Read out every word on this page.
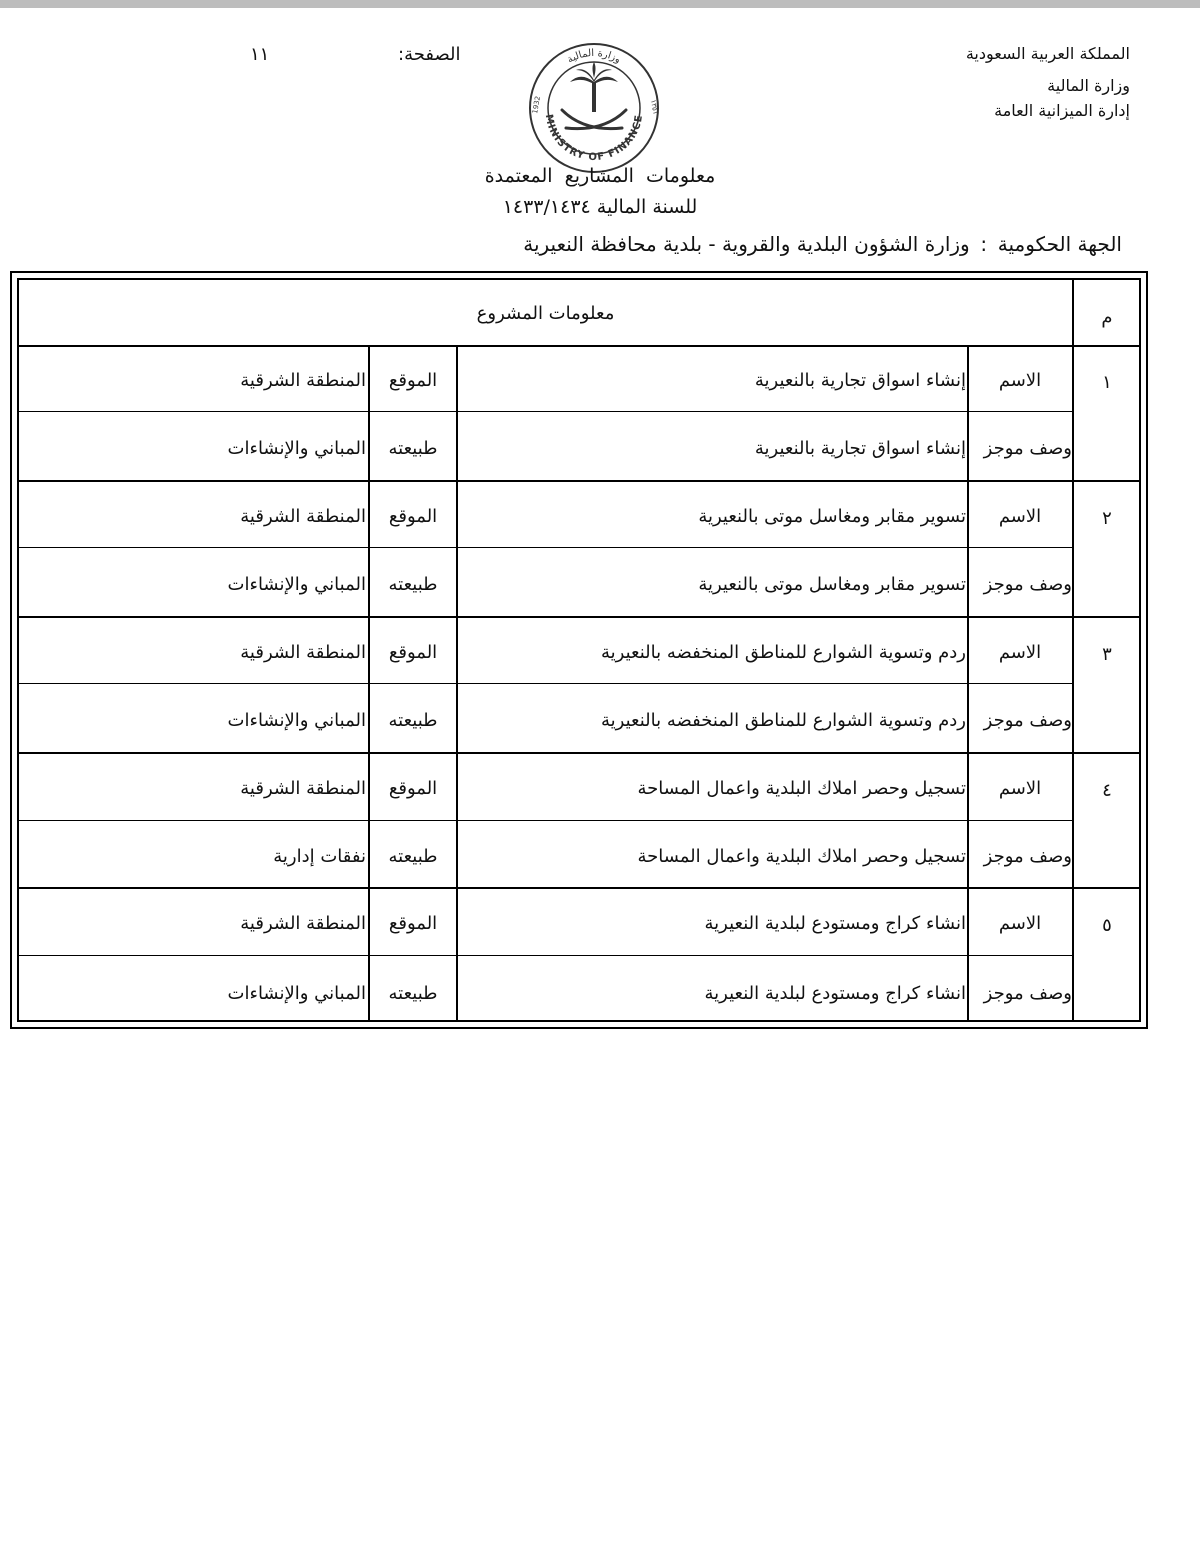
المملكة العربية السعودية
وزارة المالية
إدارة الميزانية العامة
الصفحة:
١١
MINISTRY OF FINANCE
وزارة المالية
1932	١٣٥١
معلومات المشاريع المعتمدة
للسنة المالية ١٤٣٣/١٤٣٤
الجهة الحكومية:وزارة الشؤون البلدية والقروية - بلدية محافظة النعيرية
م
معلومات المشروع
١
الاسم
إنشاء اسواق تجارية بالنعيرية
الموقع
المنطقة الشرقية
وصف موجز
إنشاء اسواق تجارية بالنعيرية
طبيعته
المباني والإنشاءات
٢
الاسم
تسوير مقابر ومغاسل موتى بالنعيرية
الموقع
المنطقة الشرقية
وصف موجز
تسوير مقابر ومغاسل موتى بالنعيرية
طبيعته
المباني والإنشاءات
٣
الاسم
ردم وتسوية الشوارع للمناطق المنخفضه بالنعيرية
الموقع
المنطقة الشرقية
وصف موجز
ردم وتسوية الشوارع للمناطق المنخفضه بالنعيرية
طبيعته
المباني والإنشاءات
٤
الاسم
تسجيل وحصر املاك البلدية واعمال المساحة
الموقع
المنطقة الشرقية
وصف موجز
تسجيل وحصر املاك البلدية واعمال المساحة
طبيعته
نفقات إدارية
٥
الاسم
انشاء كراج ومستودع لبلدية النعيرية
الموقع
المنطقة الشرقية
وصف موجز
انشاء كراج ومستودع لبلدية النعيرية
طبيعته
المباني والإنشاءات
